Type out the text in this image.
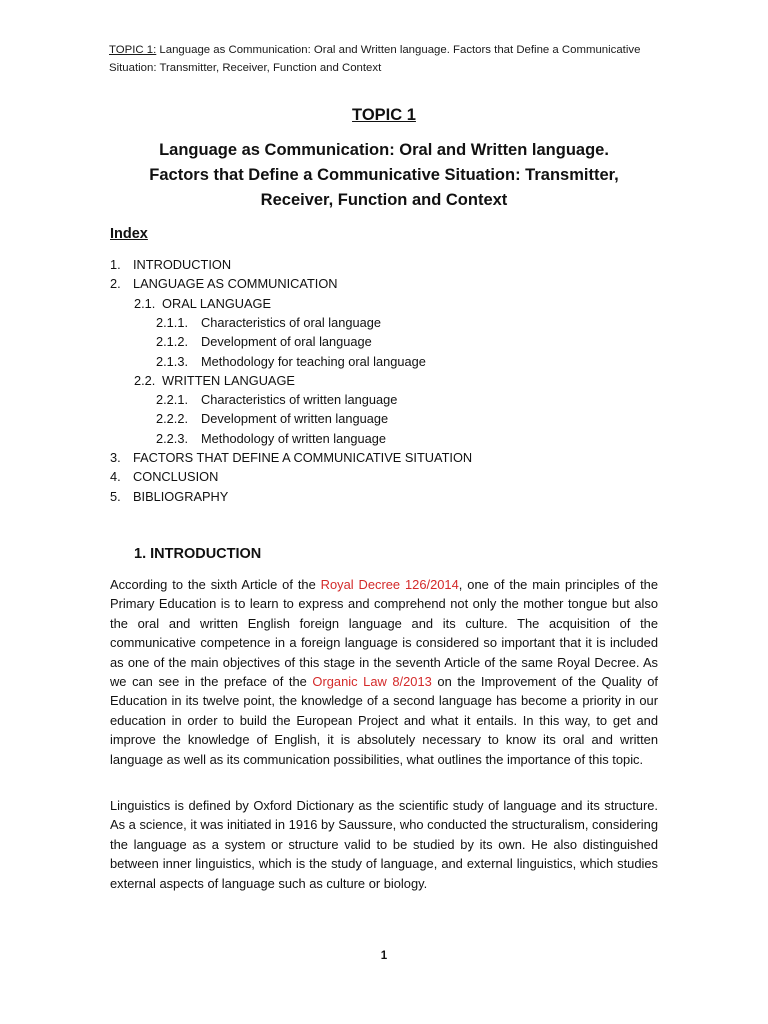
TOPIC 1: Language as Communication: Oral and Written language. Factors that Define a Communicative Situation: Transmitter, Receiver, Function and Context
TOPIC 1
Language as Communication: Oral and Written language.
Factors that Define a Communicative Situation: Transmitter,
Receiver, Function and Context
Index
1. INTRODUCTION
2. LANGUAGE AS COMMUNICATION
2.1. ORAL LANGUAGE
2.1.1. Characteristics of oral language
2.1.2. Development of oral language
2.1.3. Methodology for teaching oral language
2.2. WRITTEN LANGUAGE
2.2.1. Characteristics of written language
2.2.2. Development of written language
2.2.3. Methodology of written language
3. FACTORS THAT DEFINE A COMMUNICATIVE SITUATION
4. CONCLUSION
5. BIBLIOGRAPHY
1. INTRODUCTION
According to the sixth Article of the Royal Decree 126/2014, one of the main principles of the Primary Education is to learn to express and comprehend not only the mother tongue but also the oral and written English foreign language and its culture. The acquisition of the communicative competence in a foreign language is considered so important that it is included as one of the main objectives of this stage in the seventh Article of the same Royal Decree. As we can see in the preface of the Organic Law 8/2013 on the Improvement of the Quality of Education in its twelve point, the knowledge of a second language has become a priority in our education in order to build the European Project and what it entails. In this way, to get and improve the knowledge of English, it is absolutely necessary to know its oral and written language as well as its communication possibilities, what outlines the importance of this topic.
Linguistics is defined by Oxford Dictionary as the scientific study of language and its structure. As a science, it was initiated in 1916 by Saussure, who conducted the structuralism, considering the language as a system or structure valid to be studied by its own. He also distinguished between inner linguistics, which is the study of language, and external linguistics, which studies external aspects of language such as culture or biology.
1
